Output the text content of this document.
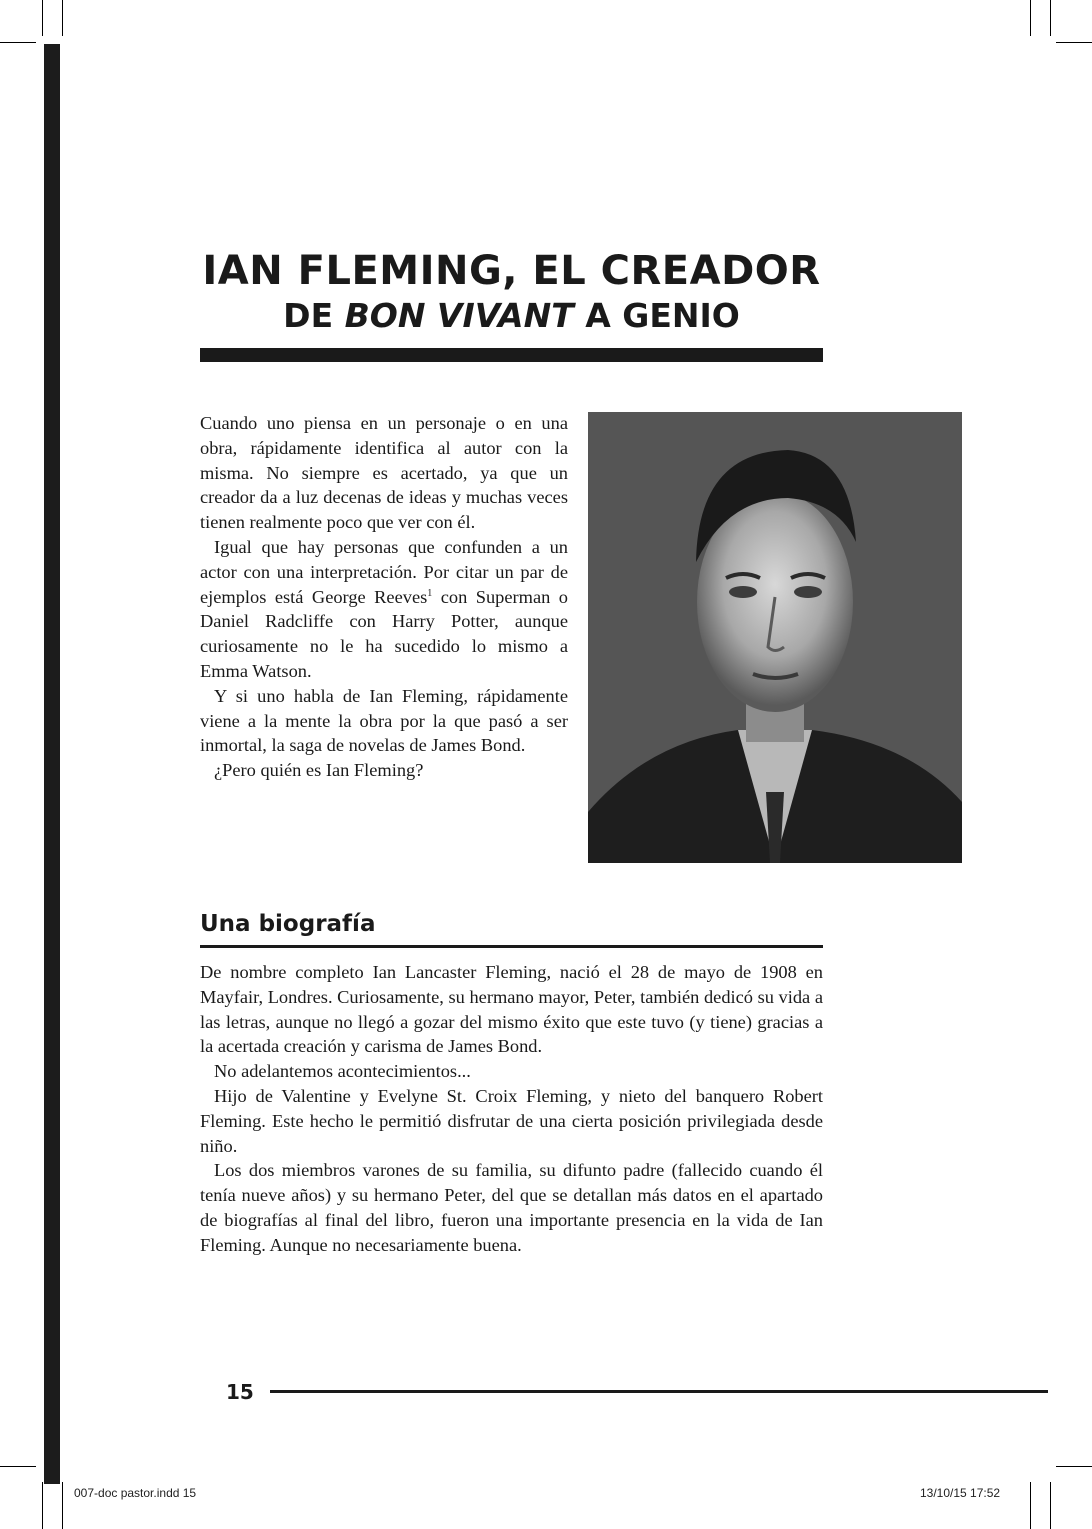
IAN FLEMING, EL CREADOR
DE BON VIVANT A GENIO

Cuando uno piensa en un personaje o en una obra, rápidamente identifica al autor con la misma. No siempre es acertado, ya que un creador da a luz decenas de ideas y muchas veces tienen realmente poco que ver con él.

Igual que hay personas que confunden a un actor con una interpretación. Por citar un par de ejemplos está George Reeves$^1$ con Superman o Daniel Radcliffe con Harry Potter, aunque curiosamente no le ha sucedido lo mismo a Emma Watson.

Y si uno habla de Ian Fleming, rápidamente viene a la mente la obra por la que pasó a ser inmortal, la saga de novelas de James Bond.

¿Pero quién es Ian Fleming?

Una biografía

De nombre completo Ian Lancaster Fleming, nació el 28 de mayo de 1908 en Mayfair, Londres. Curiosamente, su hermano mayor, Peter, también dedicó su vida a las letras, aunque no llegó a gozar del mismo éxito que este tuvo (y tiene) gracias a la acertada creación y carisma de James Bond.

No adelantemos acontecimientos...

Hijo de Valentine y Evelyne St. Croix Fleming, y nieto del banquero Robert Fleming. Este hecho le permitió disfrutar de una cierta posición privilegiada desde niño.

Los dos miembros varones de su familia, su difunto padre (fallecido cuando él tenía nueve años) y su hermano Peter, del que se detallan más datos en el apartado de biografías al final del libro, fueron una importante presencia en la vida de Ian Fleming. Aunque no necesariamente buena.

15
007-doc pastor.indd 15	13/10/15 17:52
